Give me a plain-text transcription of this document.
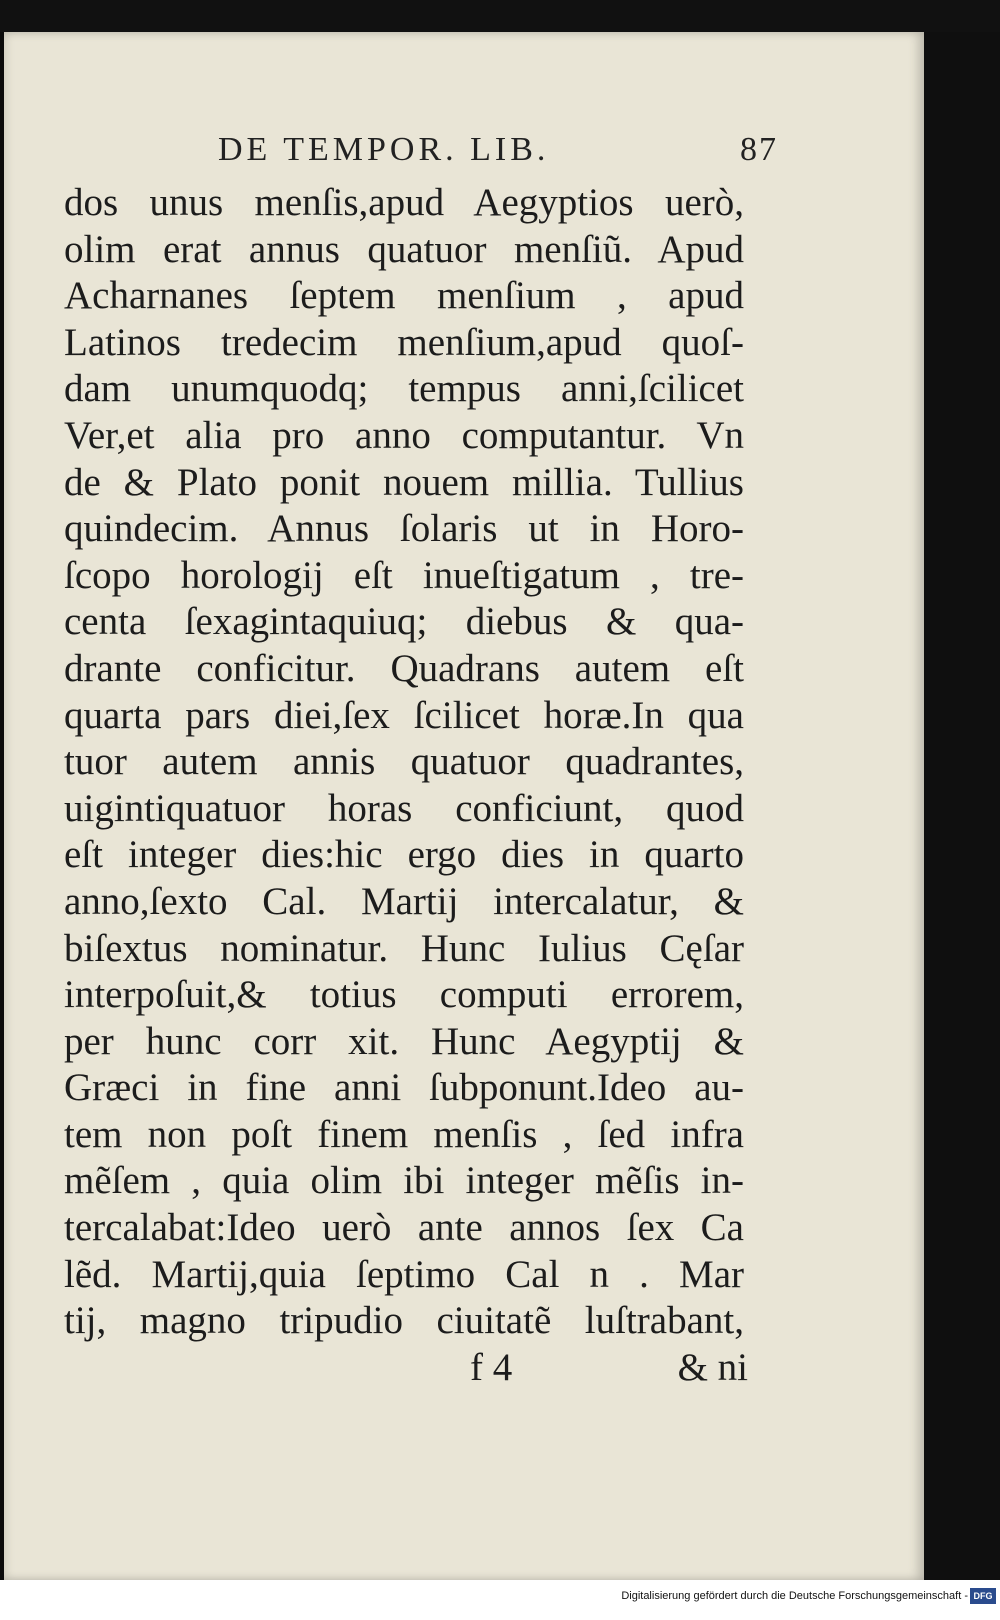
DE TEMPOR. LIB.	87
dos unus menſis,apud Aegyptios uerò,
olim erat annus quatuor menſiũ. Apud
Acharnanes ſeptem menſium , apud
Latinos tredecim menſium,apud quoſ-
dam unumquodq; tempus anni,ſcilicet
Ver,et alia pro anno computantur. Vn
de & Plato ponit nouem millia. Tullius
quindecim. Annus ſolaris ut in Horo-
ſcopo horologij eſt inueſtigatum , tre-
centa ſexagintaquiuq; diebus & qua-
drante conficitur. Quadrans autem eſt
quarta pars diei,ſex ſcilicet horæ.In qua
tuor autem annis quatuor quadrantes,
uigintiquatuor horas conficiunt, quod
eſt integer dies:hic ergo dies in quarto
anno,ſexto Cal. Martij intercalatur, &
biſextus nominatur. Hunc Iulius Cęſar
interpoſuit,& totius computi errorem,
per hunc corr xit. Hunc Aegyptij &
Græci in fine anni ſubponunt.Ideo au-
tem non poſt finem menſis , ſed infra
mẽſem , quia olim ibi integer mẽſis in-
tercalabat:Ideo uerò ante annos ſex Ca
lẽd. Martij,quia ſeptimo Cal n . Mar
tij, magno tripudio ciuitatẽ luſtrabant,
f 4	& ni
Digitalisierung gefördert durch die Deutsche Forschungsgemeinschaft - DFG
